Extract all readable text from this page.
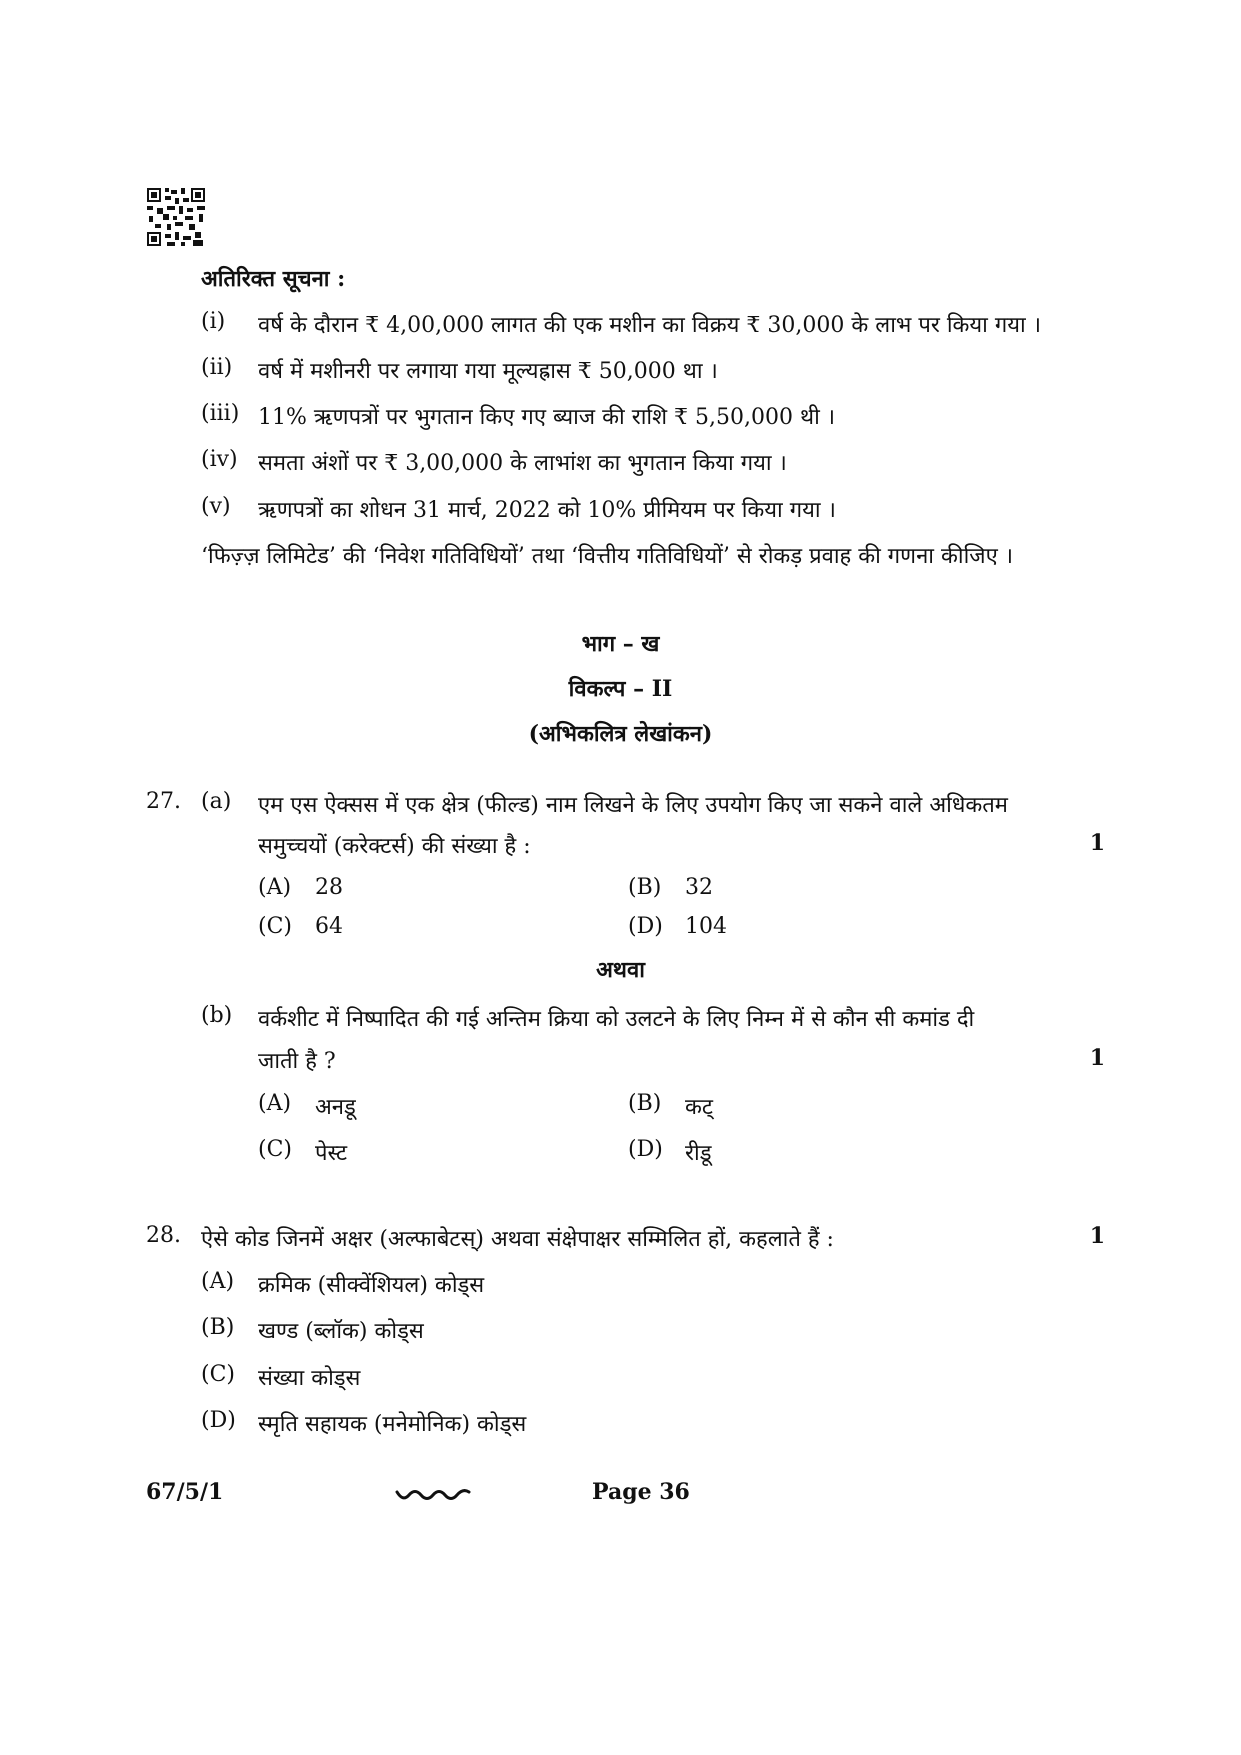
अतिरिक्त सूचना :
(i) वर्ष के दौरान ₹ 4,00,000 लागत की एक मशीन का विक्रय ₹ 30,000 के लाभ पर किया गया ।
(ii) वर्ष में मशीनरी पर लगाया गया मूल्यह्रास ₹ 50,000 था ।
(iii) 11% ऋणपत्रों पर भुगतान किए गए ब्याज की राशि ₹ 5,50,000 थी ।
(iv) समता अंशों पर ₹ 3,00,000 के लाभांश का भुगतान किया गया ।
(v) ऋणपत्रों का शोधन 31 मार्च, 2022 को 10% प्रीमियम पर किया गया ।
‘फिज़्ज़ लिमिटेड’ की ‘निवेश गतिविधियों’ तथा ‘वित्तीय गतिविधियों’ से रोकड़ प्रवाह की गणना कीजिए ।
भाग – ख
विकल्प – II
(अभिकलित्र लेखांकन)
27. (a) एम एस ऐक्सस में एक क्षेत्र (फील्ड) नाम लिखने के लिए उपयोग किए जा सकने वाले अधिकतम
समुच्चयों (करेक्टर्स) की संख्या है :	1
(A) 28	(B) 32
(C) 64	(D) 104
अथवा
(b) वर्कशीट में निष्पादित की गई अन्तिम क्रिया को उलटने के लिए निम्न में से कौन सी कमांड दी
जाती है ?	1
(A) अनडू	(B) कट्
(C) पेस्ट	(D) रीडू
28. ऐसे कोड जिनमें अक्षर (अल्फाबेटस्) अथवा संक्षेपाक्षर सम्मिलित हों, कहलाते हैं :	1
(A) क्रमिक (सीक्वेंशियल) कोड्स
(B) खण्ड (ब्लॉक) कोड्स
(C) संख्या कोड्स
(D) स्मृति सहायक (मनेमोनिक) कोड्स
67/5/1	Page 36
